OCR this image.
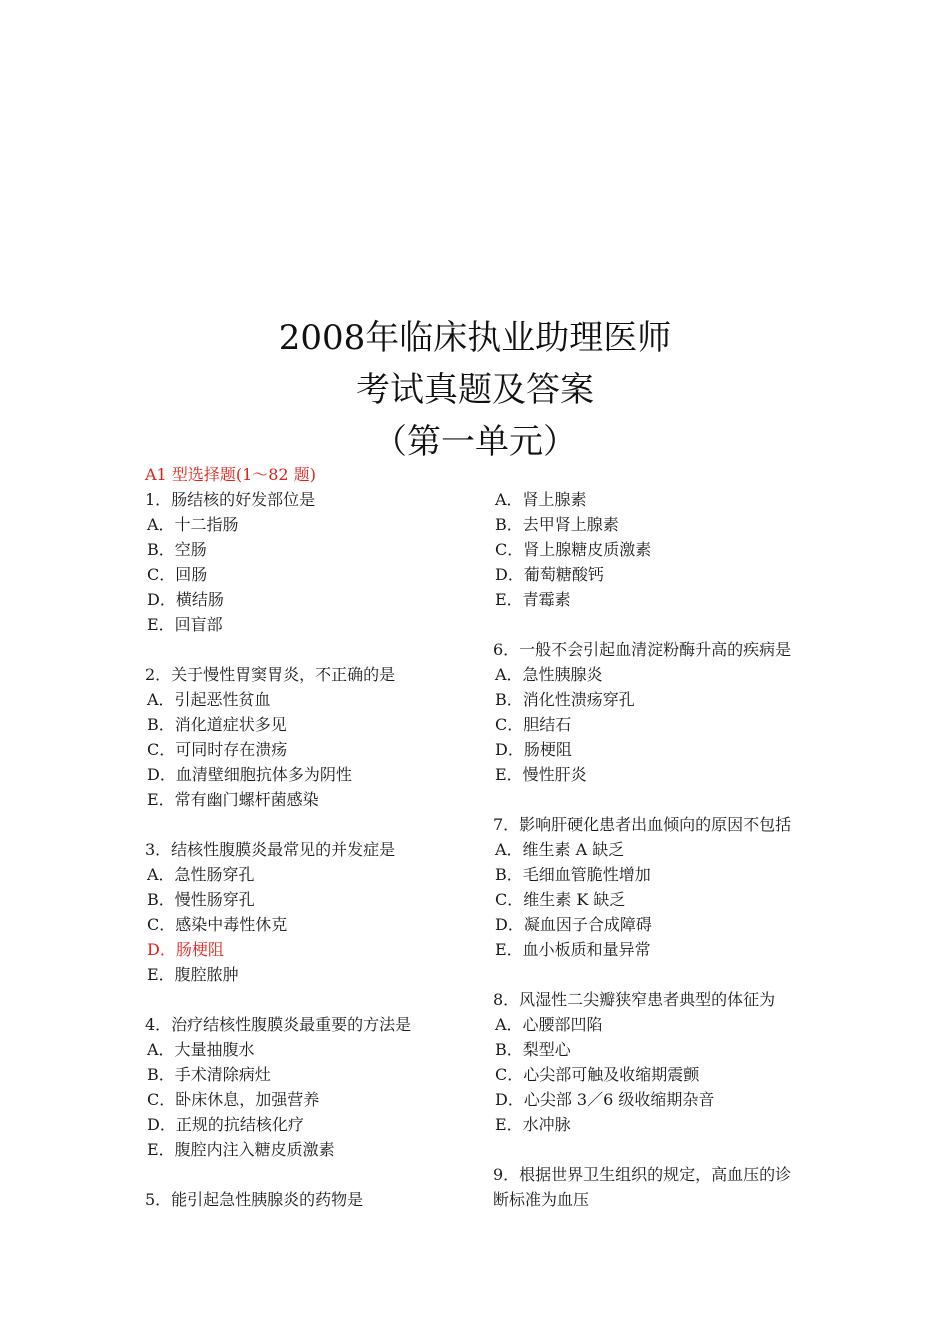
2008年临床执业助理医师
考试真题及答案
（第一单元）
A1 型选择题(1～82 题)
1．肠结核的好发部位是
A．十二指肠
B．空肠
C．回肠
D．横结肠
E．回盲部
2．关于慢性胃窦胃炎，不正确的是
A．引起恶性贫血
B．消化道症状多见
C．可同时存在溃疡
D．血清壁细胞抗体多为阴性
E．常有幽门螺杆菌感染
3．结核性腹膜炎最常见的并发症是
A．急性肠穿孔
B．慢性肠穿孔
C．感染中毒性休克
D．肠梗阻
E．腹腔脓肿
4．治疗结核性腹膜炎最重要的方法是
A．大量抽腹水
B．手术清除病灶
C．卧床休息，加强营养
D．正规的抗结核化疗
E．腹腔内注入糖皮质激素
5．能引起急性胰腺炎的药物是
A．肾上腺素
B．去甲肾上腺素
C．肾上腺糖皮质激素
D．葡萄糖酸钙
E．青霉素
6．一般不会引起血清淀粉酶升高的疾病是
A．急性胰腺炎
B．消化性溃疡穿孔
C．胆结石
D．肠梗阻
E．慢性肝炎
7．影响肝硬化患者出血倾向的原因不包括
A．维生素 A 缺乏
B．毛细血管脆性增加
C．维生素 K 缺乏
D．凝血因子合成障碍
E．血小板质和量异常
8．风湿性二尖瓣狭窄患者典型的体征为
A．心腰部凹陷
B．梨型心
C．心尖部可触及收缩期震颤
D．心尖部 3／6 级收缩期杂音
E．水冲脉
9．根据世界卫生组织的规定，高血压的诊
断标准为血压
